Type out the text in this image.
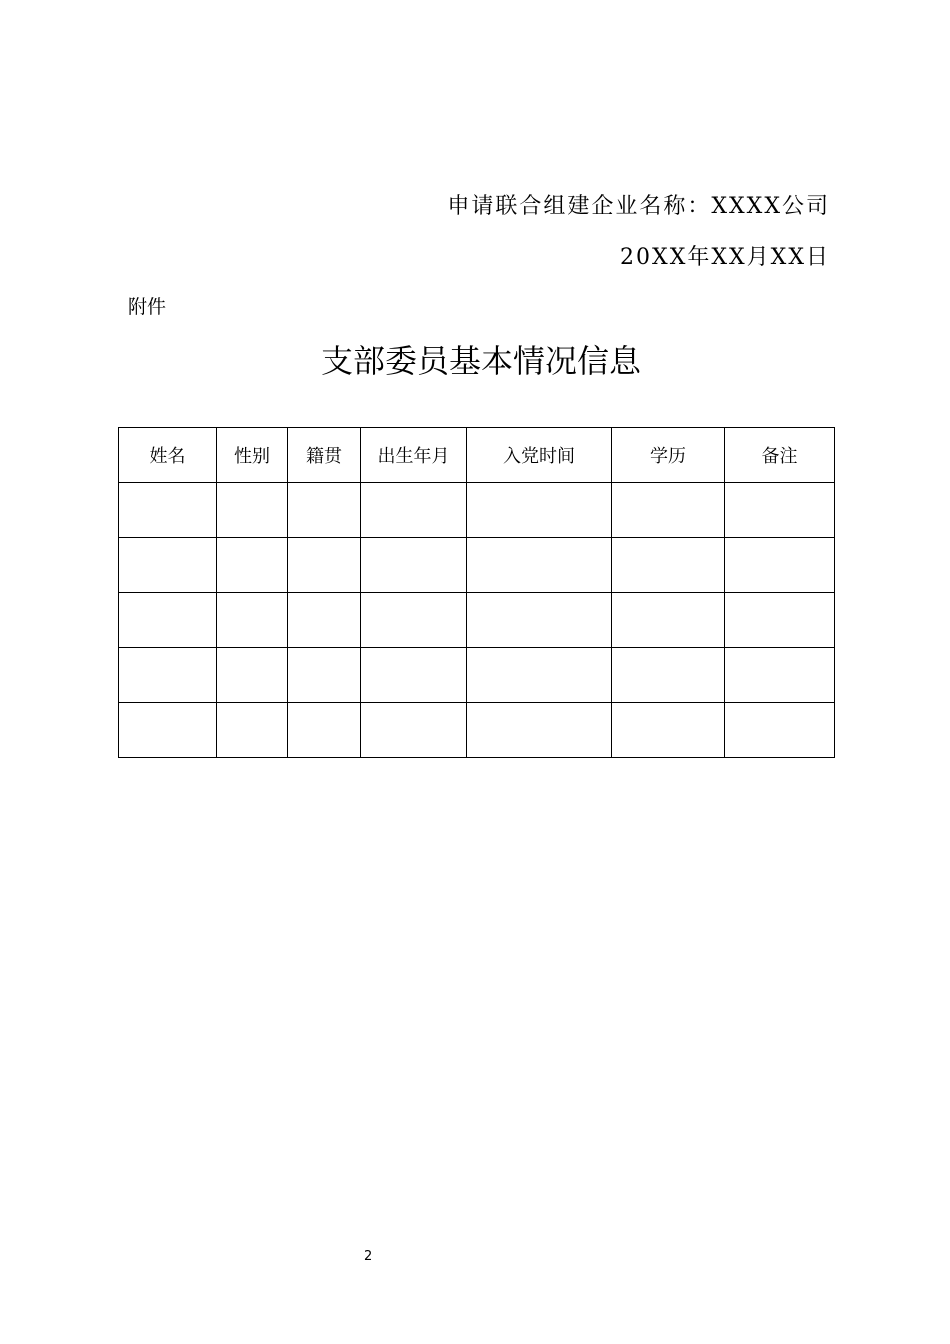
申请联合组建企业名称：XXXX公司
20XX年XX月XX日
附件
支部委员基本情况信息
姓名	性别	籍贯	出生年月	入党时间	学历	备注

2
